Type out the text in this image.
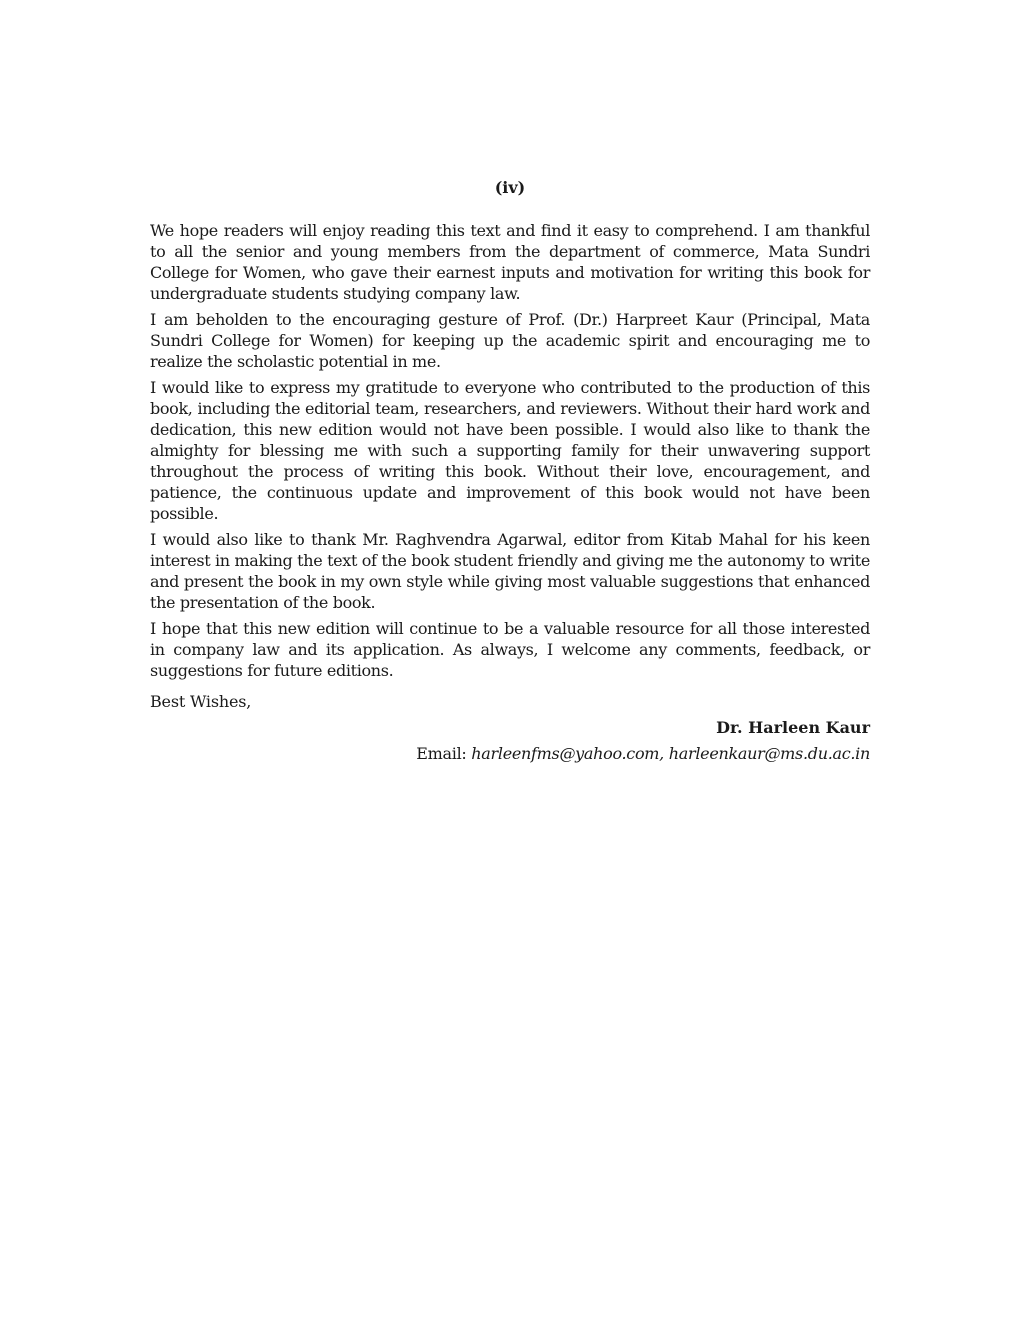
(iv)

We hope readers will enjoy reading this text and find it easy to comprehend. I am thankful to all the senior and young members from the department of commerce, Mata Sundri College for Women, who gave their earnest inputs and motivation for writing this book for undergraduate students studying company law.

I am beholden to the encouraging gesture of Prof. (Dr.) Harpreet Kaur (Principal, Mata Sundri College for Women) for keeping up the academic spirit and encouraging me to realize the scholastic potential in me.

I would like to express my gratitude to everyone who contributed to the production of this book, including the editorial team, researchers, and reviewers. Without their hard work and dedication, this new edition would not have been possible. I would also like to thank the almighty for blessing me with such a supporting family for their unwavering support throughout the process of writing this book. Without their love, encouragement, and patience, the continuous update and improvement of this book would not have been possible.

I would also like to thank Mr. Raghvendra Agarwal, editor from Kitab Mahal for his keen interest in making the text of the book student friendly and giving me the autonomy to write and present the book in my own style while giving most valuable suggestions that enhanced the presentation of the book.

I hope that this new edition will continue to be a valuable resource for all those interested in company law and its application. As always, I welcome any comments, feedback, or suggestions for future editions.

Best Wishes,

Dr. Harleen Kaur

Email: harleenfms@yahoo.com, harleenkaur@ms.du.ac.in
